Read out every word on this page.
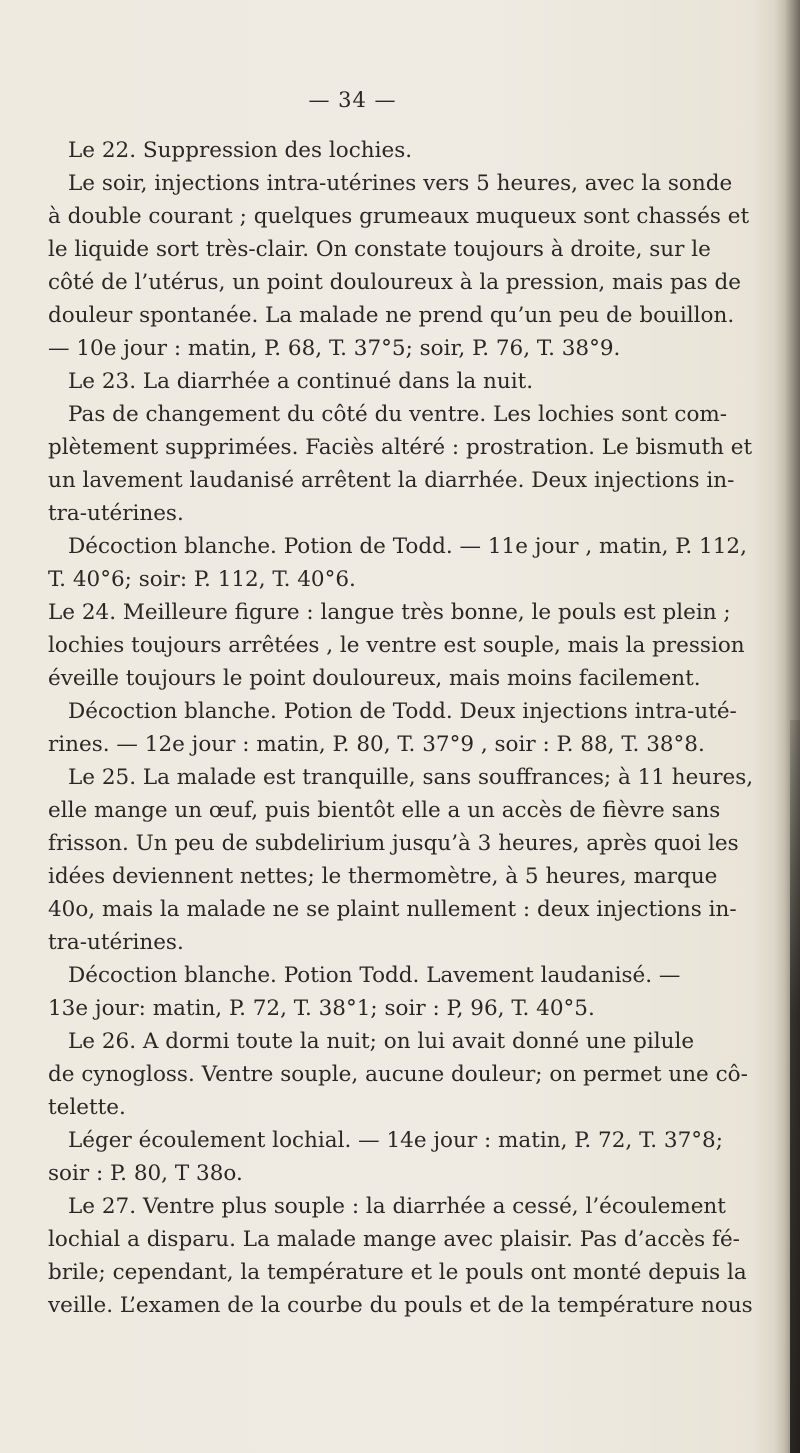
— 34 —
Le 22. Suppression des lochies.
Le soir, injections intra-utérines vers 5 heures, avec la sonde
à double courant ; quelques grumeaux muqueux sont chassés et
le liquide sort très-clair. On constate toujours à droite, sur le
côté de l’utérus, un point douloureux à la pression, mais pas de
douleur spontanée. La malade ne prend qu’un peu de bouillon.
— 10e jour : matin, P. 68, T. 37°5; soir, P. 76, T. 38°9.
Le 23. La diarrhée a continué dans la nuit.
Pas de changement du côté du ventre. Les lochies sont com-
plètement supprimées. Faciès altéré : prostration. Le bismuth et
un lavement laudanisé arrêtent la diarrhée. Deux injections in-
tra-utérines.
Décoction blanche. Potion de Todd. — 11e jour , matin, P. 112,
T. 40°6; soir: P. 112, T. 40°6.
Le 24. Meilleure figure : langue très bonne, le pouls est plein ;
lochies toujours arrêtées , le ventre est souple, mais la pression
éveille toujours le point douloureux, mais moins facilement.
Décoction blanche. Potion de Todd. Deux injections intra-uté-
rines. — 12e jour : matin, P. 80, T. 37°9 , soir : P. 88, T. 38°8.
Le 25. La malade est tranquille, sans souffrances; à 11 heures,
elle mange un œuf, puis bientôt elle a un accès de fièvre sans
frisson. Un peu de subdelirium jusqu’à 3 heures, après quoi les
idées deviennent nettes; le thermomètre, à 5 heures, marque
40o, mais la malade ne se plaint nullement : deux injections in-
tra-utérines.
Décoction blanche. Potion Todd. Lavement laudanisé. —
13e jour: matin, P. 72, T. 38°1; soir : P, 96, T. 40°5.
Le 26. A dormi toute la nuit; on lui avait donné une pilule
de cynogloss. Ventre souple, aucune douleur; on permet une cô-
telette.
Léger écoulement lochial. — 14e jour : matin, P. 72, T. 37°8;
soir : P. 80, T 38o.
Le 27. Ventre plus souple : la diarrhée a cessé, l’écoulement
lochial a disparu. La malade mange avec plaisir. Pas d’accès fé-
brile; cependant, la température et le pouls ont monté depuis la
veille. L’examen de la courbe du pouls et de la température nous
